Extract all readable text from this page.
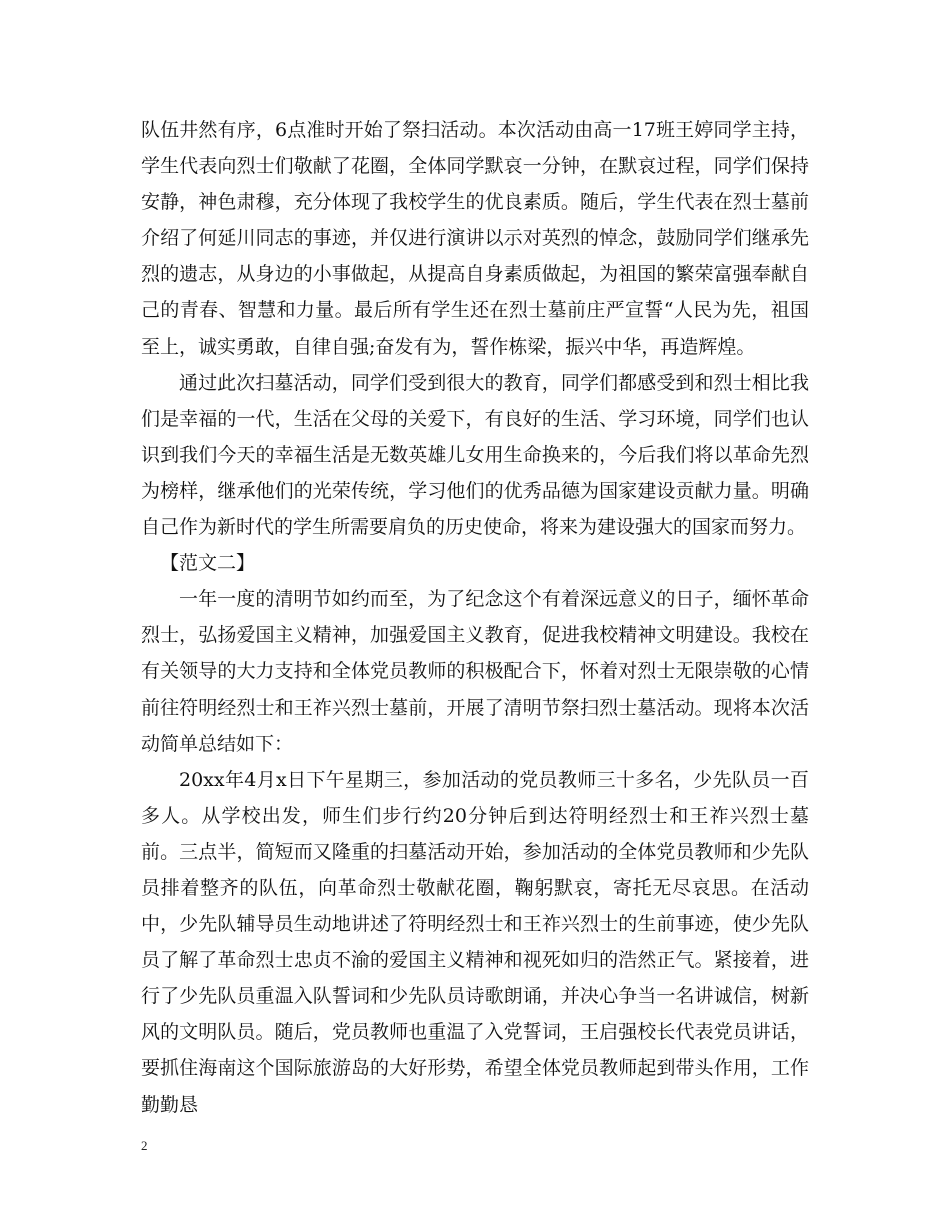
队伍井然有序，6点准时开始了祭扫活动。本次活动由高一17班王婷同学主持，学生代表向烈士们敬献了花圈，全体同学默哀一分钟，在默哀过程，同学们保持安静，神色肃穆，充分体现了我校学生的优良素质。随后，学生代表在烈士墓前介绍了何延川同志的事迹，并仅进行演讲以示对英烈的悼念，鼓励同学们继承先烈的遗志，从身边的小事做起，从提高自身素质做起，为祖国的繁荣富强奉献自己的青春、智慧和力量。最后所有学生还在烈士墓前庄严宣誓“人民为先，祖国至上，诚实勇敢，自律自强;奋发有为，誓作栋梁，振兴中华，再造辉煌。

通过此次扫墓活动，同学们受到很大的教育，同学们都感受到和烈士相比我们是幸福的一代，生活在父母的关爱下，有良好的生活、学习环境，同学们也认识到我们今天的幸福生活是无数英雄儿女用生命换来的，今后我们将以革命先烈为榜样，继承他们的光荣传统，学习他们的优秀品德为国家建设贡献力量。明确自己作为新时代的学生所需要肩负的历史使命，将来为建设强大的国家而努力。

【范文二】

一年一度的清明节如约而至，为了纪念这个有着深远意义的日子，缅怀革命烈士，弘扬爱国主义精神，加强爱国主义教育，促进我校精神文明建设。我校在有关领导的大力支持和全体党员教师的积极配合下，怀着对烈士无限崇敬的心情前往符明经烈士和王祚兴烈士墓前，开展了清明节祭扫烈士墓活动。现将本次活动简单总结如下：

20xx年4月x日下午星期三，参加活动的党员教师三十多名，少先队员一百多人。从学校出发，师生们步行约20分钟后到达符明经烈士和王祚兴烈士墓前。三点半，简短而又隆重的扫墓活动开始，参加活动的全体党员教师和少先队员排着整齐的队伍，向革命烈士敬献花圈，鞠躬默哀，寄托无尽哀思。在活动中，少先队辅导员生动地讲述了符明经烈士和王祚兴烈士的生前事迹，使少先队员了解了革命烈士忠贞不渝的爱国主义精神和视死如归的浩然正气。紧接着，进行了少先队员重温入队誓词和少先队员诗歌朗诵，并决心争当一名讲诚信，树新风的文明队员。随后，党员教师也重温了入党誓词，王启强校长代表党员讲话，要抓住海南这个国际旅游岛的大好形势，希望全体党员教师起到带头作用，工作勤勤恳

2
